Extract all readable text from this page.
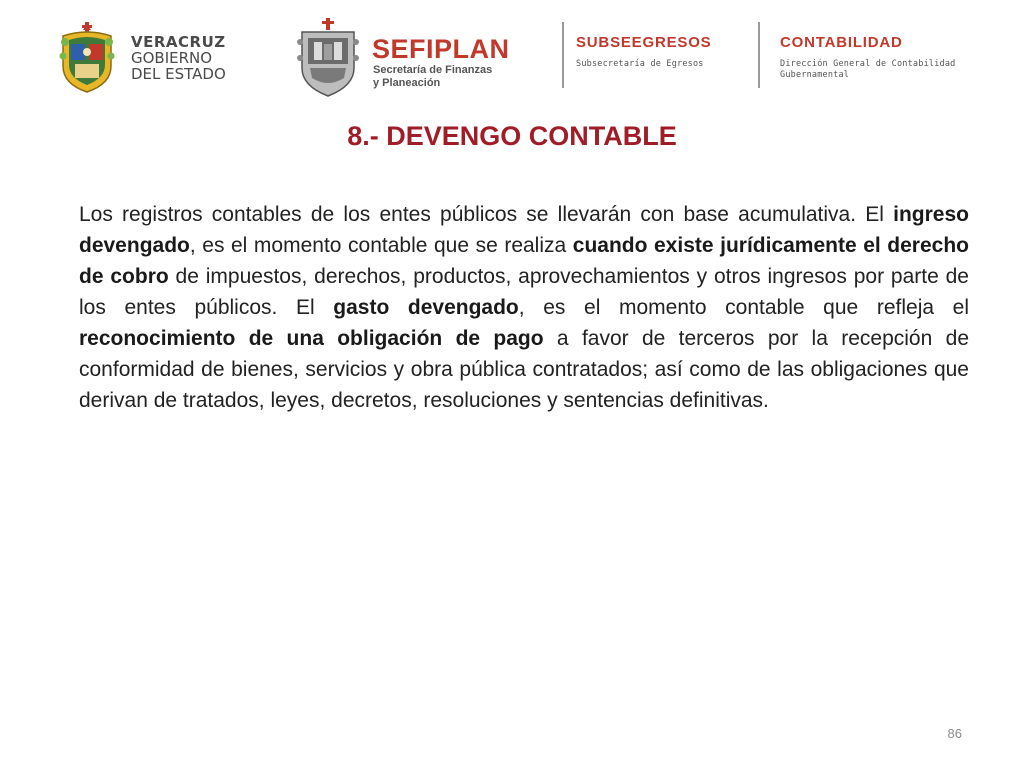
VERACRUZ
GOBIERNO
DEL ESTADO
SEFIPLAN
Secretaría de Finanzas
y Planeación
SUBSEEGRESOS
Subsecretaría de Egresos
CONTABILIDAD
Dirección General de Contabilidad
Gubernamental
8.- DEVENGO CONTABLE

Los registros contables de los entes públicos se llevarán con base acumulativa. El ingreso devengado, es el momento contable que se realiza cuando existe jurídicamente el derecho de cobro de impuestos, derechos, productos, aprovechamientos y otros ingresos por parte de los entes públicos. El gasto devengado, es el momento contable que refleja el reconocimiento de una obligación de pago a favor de terceros por la recepción de conformidad de bienes, servicios y obra pública contratados; así como de las obligaciones que derivan de tratados, leyes, decretos, resoluciones y sentencias definitivas.

86
